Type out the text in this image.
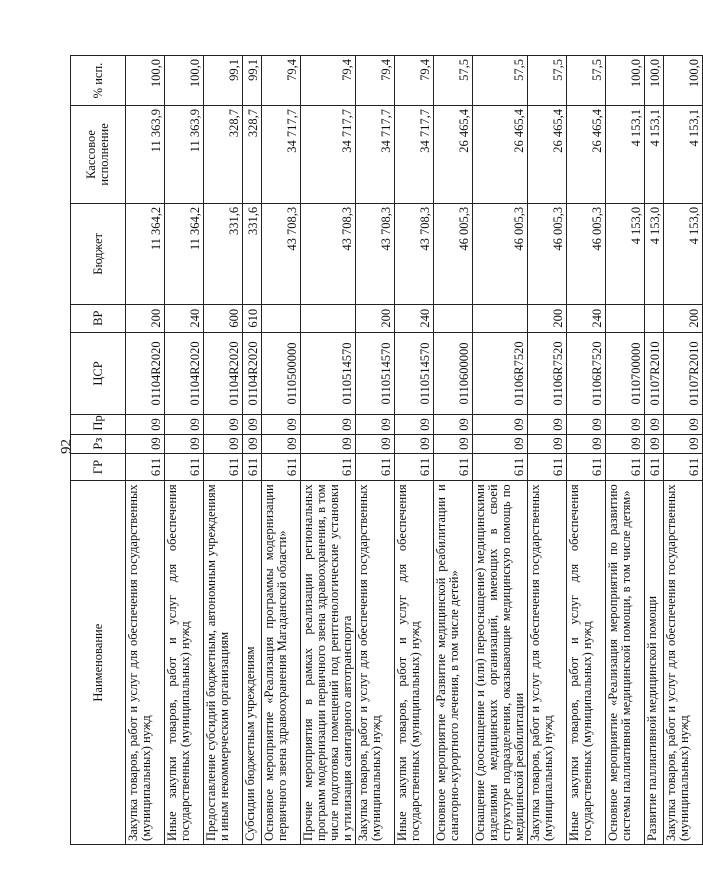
92
Наименование	ГР	Рз	Пр	ЦСР	ВР	Бюджет	Кассовое исполнение	% исп.
Закупка товаров, работ и услуг для обеспечения государственных (муниципальных) нужд	611	09	09	01104R2020	200	11 364,2	11 363,9	100,0
Иные закупки товаров, работ и услуг для обеспечения государственных (муниципальных) нужд	611	09	09	01104R2020	240	11 364,2	11 363,9	100,0
Предоставление субсидий бюджетным, автономным учреждениям и иным некоммерческим организациям	611	09	09	01104R2020	600	331,6	328,7	99,1
Субсидии бюджетным учреждениям	611	09	09	01104R2020	610	331,6	328,7	99,1
Основное мероприятие «Реализация программы модернизации первичного звена здравоохранения Магаданской области»	611	09	09	0110500000		43 708,3	34 717,7	79,4
Прочие мероприятия в рамках реализации региональных программ модернизации первичного звена здравоохранения, в том числе подготовка помещений под рентгенологические установки и утилизация санитарного автотранспорта	611	09	09	0110514570		43 708,3	34 717,7	79,4
Закупка товаров, работ и услуг для обеспечения государственных (муниципальных) нужд	611	09	09	0110514570	200	43 708,3	34 717,7	79,4
Иные закупки товаров, работ и услуг для обеспечения государственных (муниципальных) нужд	611	09	09	0110514570	240	43 708,3	34 717,7	79,4
Основное мероприятие «Развитие медицинской реабилитации и санаторно-курортного лечения, в том числе детей»	611	09	09	0110600000		46 005,3	26 465,4	57,5
Оснащение (дооснащение и (или) переоснащение) медицинскими изделиями медицинских организаций, имеющих в своей структуре подразделения, оказывающие медицинскую помощь по медицинской реабилитации	611	09	09	01106R7520		46 005,3	26 465,4	57,5
Закупка товаров, работ и услуг для обеспечения государственных (муниципальных) нужд	611	09	09	01106R7520	200	46 005,3	26 465,4	57,5
Иные закупки товаров, работ и услуг для обеспечения государственных (муниципальных) нужд	611	09	09	01106R7520	240	46 005,3	26 465,4	57,5
Основное мероприятие «Реализация мероприятий по развитию системы паллиативной медицинской помощи, в том числе детям»	611	09	09	0110700000		4 153,0	4 153,1	100,0
Развитие паллиативной медицинской помощи	611	09	09	01107R2010		4 153,0	4 153,1	100,0
Закупка товаров, работ и услуг для обеспечения государственных (муниципальных) нужд	611	09	09	01107R2010	200	4 153,0	4 153,1	100,0
